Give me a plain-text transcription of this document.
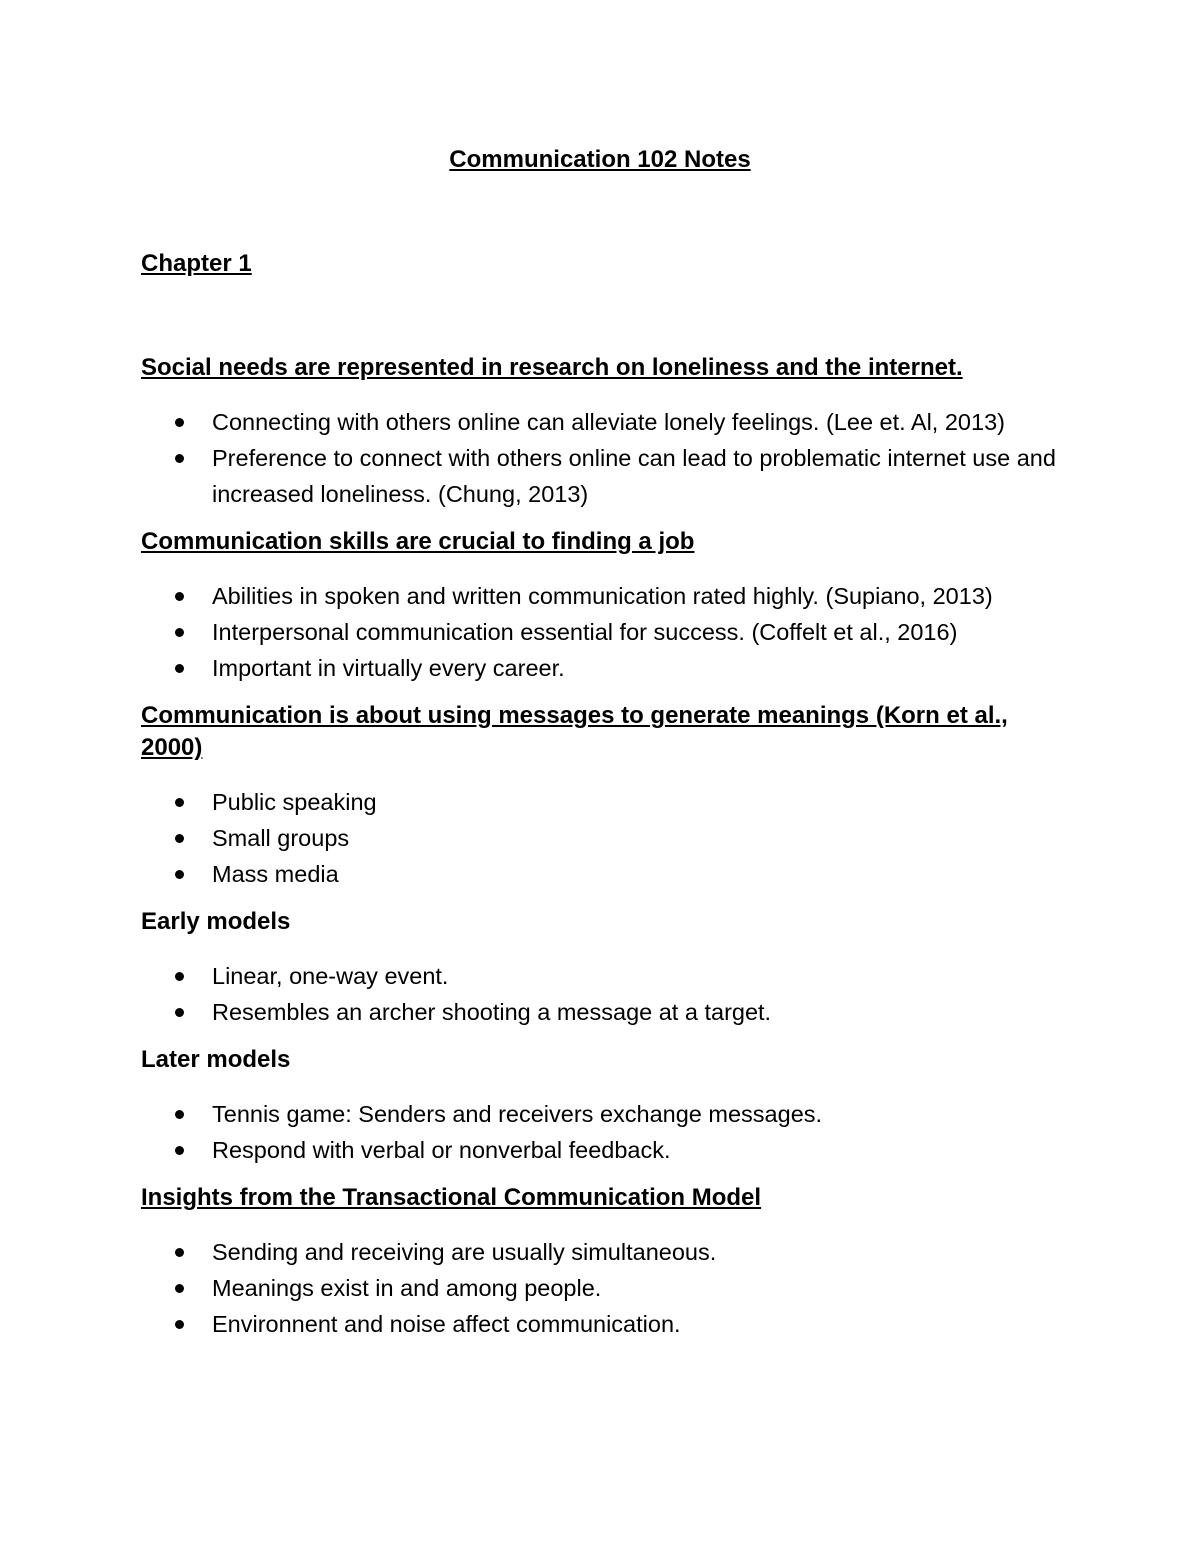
Communication 102 Notes
Chapter 1
Social needs are represented in research on loneliness and the internet.
Connecting with others online can alleviate lonely feelings. (Lee et. Al, 2013)
Preference to connect with others online can lead to problematic internet use and increased loneliness. (Chung, 2013)
Communication skills are crucial to finding a job
Abilities in spoken and written communication rated highly. (Supiano, 2013)
Interpersonal communication essential for success. (Coffelt et al., 2016)
Important in virtually every career.
Communication is about using messages to generate meanings (Korn et al., 2000)
Public speaking
Small groups
Mass media
Early models
Linear, one-way event.
Resembles an archer shooting a message at a target.
Later models
Tennis game: Senders and receivers exchange messages.
Respond with verbal or nonverbal feedback.
Insights from the Transactional Communication Model
Sending and receiving are usually simultaneous.
Meanings exist in and among people.
Environnent and noise affect communication.
